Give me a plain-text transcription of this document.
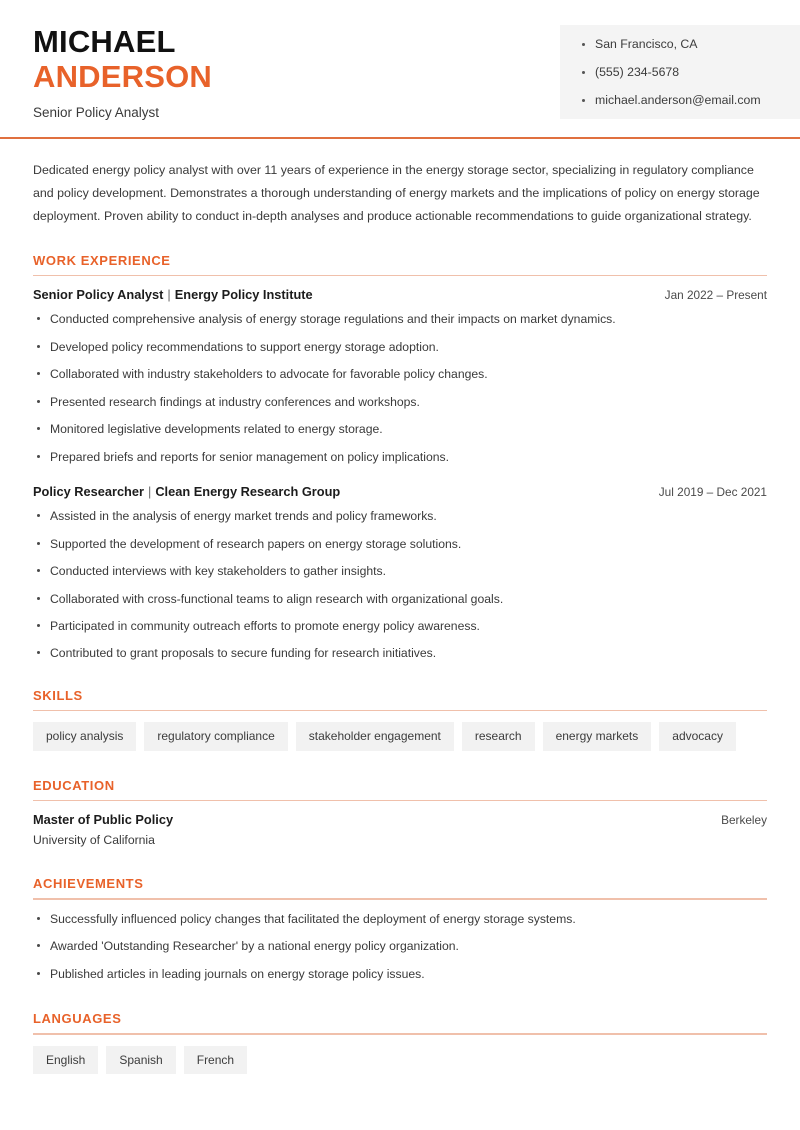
MICHAEL
ANDERSON
Senior Policy Analyst
San Francisco, CA
(555) 234-5678
michael.anderson@email.com

Dedicated energy policy analyst with over 11 years of experience in the energy storage sector, specializing in regulatory compliance and policy development. Demonstrates a thorough understanding of energy markets and the implications of policy on energy storage deployment. Proven ability to conduct in-depth analyses and produce actionable recommendations to guide organizational strategy.

WORK EXPERIENCE
Senior Policy Analyst | Energy Policy Institute	Jan 2022 – Present
Conducted comprehensive analysis of energy storage regulations and their impacts on market dynamics.
Developed policy recommendations to support energy storage adoption.
Collaborated with industry stakeholders to advocate for favorable policy changes.
Presented research findings at industry conferences and workshops.
Monitored legislative developments related to energy storage.
Prepared briefs and reports for senior management on policy implications.
Policy Researcher | Clean Energy Research Group	Jul 2019 – Dec 2021
Assisted in the analysis of energy market trends and policy frameworks.
Supported the development of research papers on energy storage solutions.
Conducted interviews with key stakeholders to gather insights.
Collaborated with cross-functional teams to align research with organizational goals.
Participated in community outreach efforts to promote energy policy awareness.
Contributed to grant proposals to secure funding for research initiatives.
SKILLS
policy analysis	regulatory compliance	stakeholder engagement	research	energy markets	advocacy
EDUCATION
Master of Public Policy	Berkeley
University of California
ACHIEVEMENTS
Successfully influenced policy changes that facilitated the deployment of energy storage systems.
Awarded 'Outstanding Researcher' by a national energy policy organization.
Published articles in leading journals on energy storage policy issues.
LANGUAGES
English	Spanish	French
